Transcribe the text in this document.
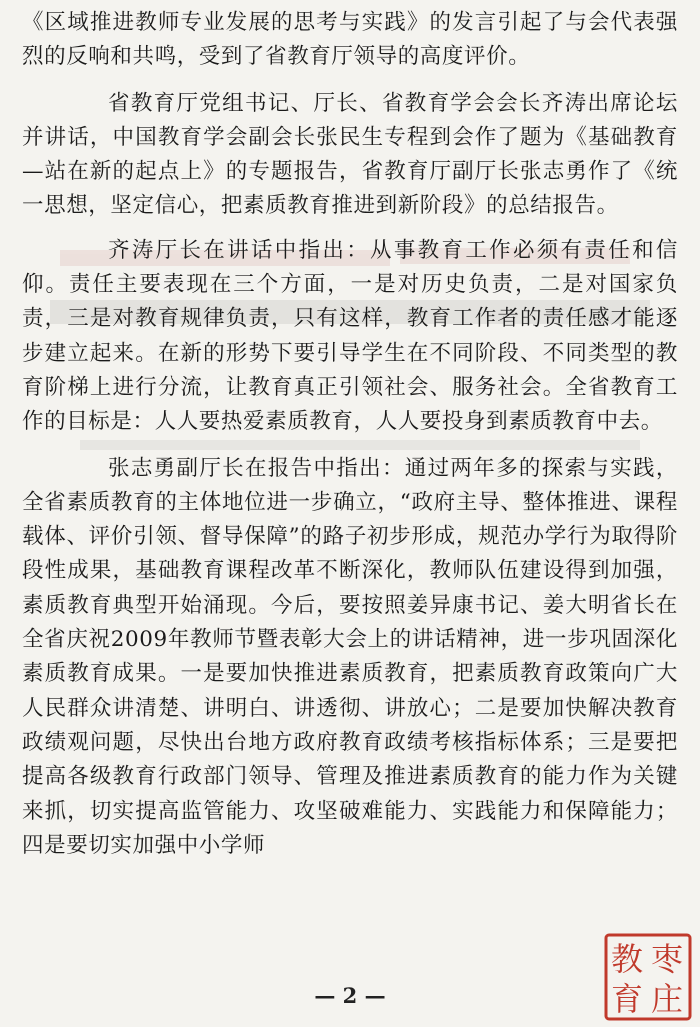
《区域推进教师专业发展的思考与实践》的发言引起了与会代表强烈的反响和共鸣，受到了省教育厅领导的高度评价。

省教育厅党组书记、厅长、省教育学会会长齐涛出席论坛并讲话，中国教育学会副会长张民生专程到会作了题为《基础教育—站在新的起点上》的专题报告，省教育厅副厅长张志勇作了《统一思想，坚定信心，把素质教育推进到新阶段》的总结报告。

齐涛厅长在讲话中指出：从事教育工作必须有责任和信仰。责任主要表现在三个方面，一是对历史负责，二是对国家负责，三是对教育规律负责，只有这样，教育工作者的责任感才能逐步建立起来。在新的形势下要引导学生在不同阶段、不同类型的教育阶梯上进行分流，让教育真正引领社会、服务社会。全省教育工作的目标是：人人要热爱素质教育，人人要投身到素质教育中去。

张志勇副厅长在报告中指出：通过两年多的探索与实践，全省素质教育的主体地位进一步确立，“政府主导、整体推进、课程载体、评价引领、督导保障”的路子初步形成，规范办学行为取得阶段性成果，基础教育课程改革不断深化，教师队伍建设得到加强，素质教育典型开始涌现。今后，要按照姜异康书记、姜大明省长在全省庆祝2009年教师节暨表彰大会上的讲话精神，进一步巩固深化素质教育成果。一是要加快推进素质教育，把素质教育政策向广大人民群众讲清楚、讲明白、讲透彻、讲放心；二是要加快解决教育政绩观问题，尽快出台地方政府教育政绩考核指标体系；三是要把提高各级教育行政部门领导、管理及推进素质教育的能力作为关键来抓，切实提高监管能力、攻坚破难能力、实践能力和保障能力；四是要切实加强中小学师

— 2 —
枣
庄
教
育
